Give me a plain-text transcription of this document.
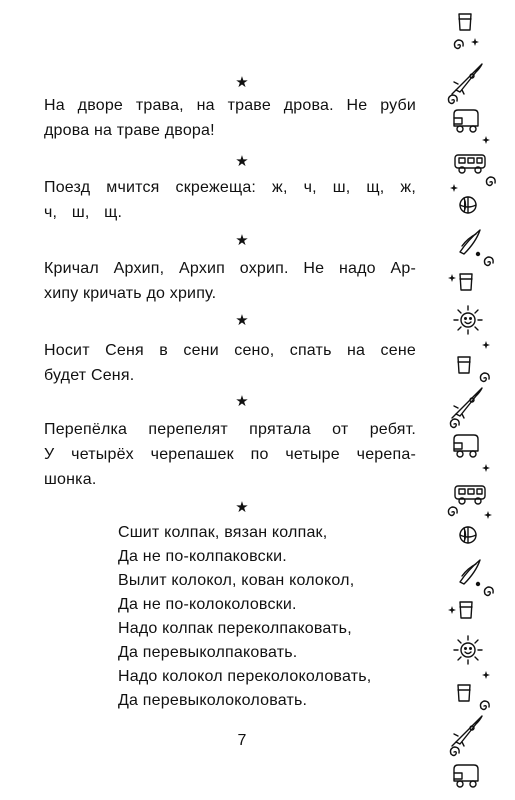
★
★
★
★
★
★
На дворе трава, на траве дрова. Не руби
дрова на траве двора!
Поезд мчится скрежеща: ж, ч, ш, щ, ж,
ч, ш, щ.
Кричал Архип, Архип охрип. Не надо Ар-
хипу кричать до хрипу.
Носит Сеня в сени сено, спать на сене
будет Сеня.
Перепёлка перепелят прятала от ребят.
У четырёх черепашек по четыре черепа-
шонка.
Сшит колпак, вязан колпак,
Да не по-колпаковски.
Вылит колокол, кован колокол,
Да не по-колоколовски.
Надо колпак переколпаковать,
Да перевыколпаковать.
Надо колокол переколоколовать,
Да перевыколоколовать.
7
